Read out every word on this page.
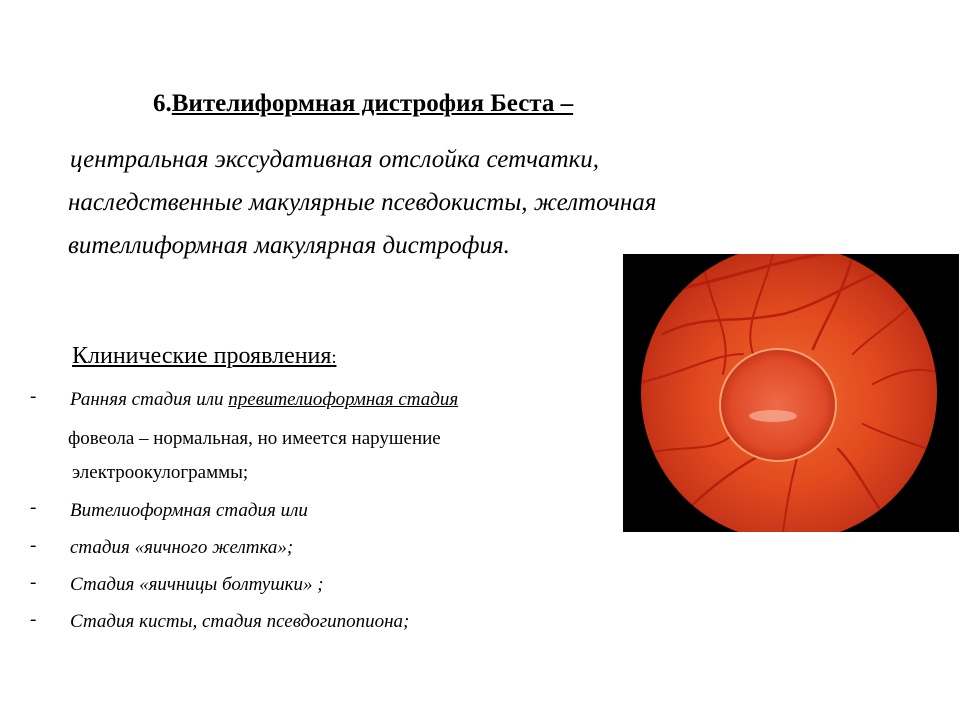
6.Вителиформная дистрофия Беста –
центральная экссудативная отслойка сетчатки,
наследственные макулярные псевдокисты, желточная
вителлиформная макулярная дистрофия.
Клинические проявления:
- Ранняя стадия или превителиоформная стадия
фовеола – нормальная, но имеется нарушение
электроокулограммы;
- Вителиоформная стадия или
- стадия «яичного желтка»;
- Стадия «яичницы болтушки» ;
- Стадия кисты, стадия псевдогипопиона;
